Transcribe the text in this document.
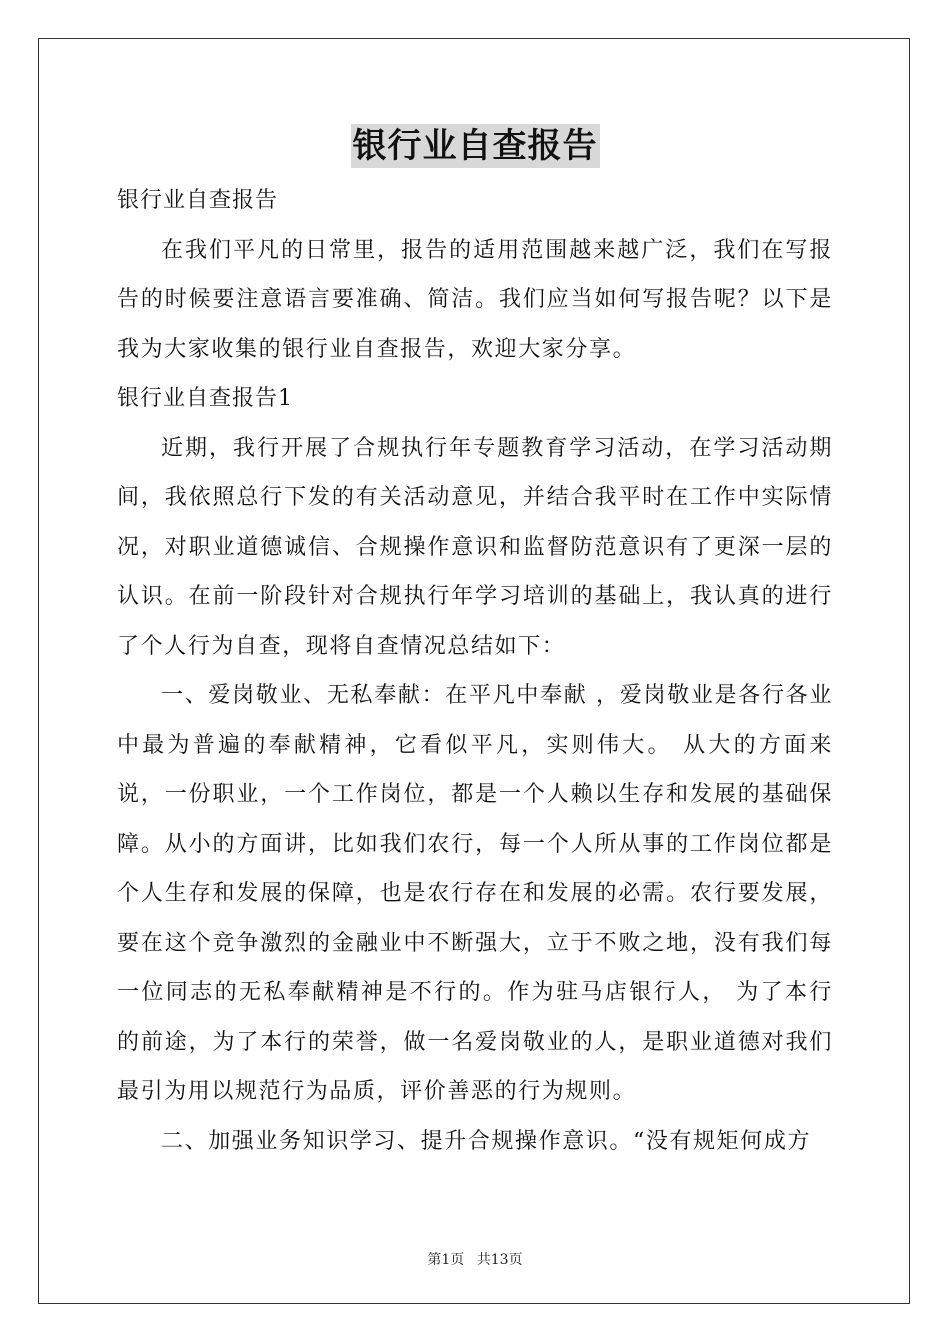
银行业自查报告

银行业自查报告

在我们平凡的日常里，报告的适用范围越来越广泛，我们在写报告的时候要注意语言要准确、简洁。我们应当如何写报告呢？以下是我为大家收集的银行业自查报告，欢迎大家分享。

银行业自查报告1

近期，我行开展了合规执行年专题教育学习活动，在学习活动期间，我依照总行下发的有关活动意见，并结合我平时在工作中实际情况，对职业道德诚信、合规操作意识和监督防范意识有了更深一层的认识。在前一阶段针对合规执行年学习培训的基础上，我认真的进行了个人行为自查，现将自查情况总结如下：

一、爱岗敬业、无私奉献：在平凡中奉献 ，爱岗敬业是各行各业中最为普遍的奉献精神，它看似平凡，实则伟大。 从大的方面来说，一份职业，一个工作岗位，都是一个人赖以生存和发展的基础保障。从小的方面讲，比如我们农行，每一个人所从事的工作岗位都是个人生存和发展的保障，也是农行存在和发展的必需。农行要发展，要在这个竞争激烈的金融业中不断强大，立于不败之地，没有我们每一位同志的无私奉献精神是不行的。作为驻马店银行人， 为了本行的前途，为了本行的荣誉，做一名爱岗敬业的人，是职业道德对我们最引为用以规范行为品质，评价善恶的行为规则。

二、加强业务知识学习、提升合规操作意识。“没有规矩何成方

第1页 共13页
